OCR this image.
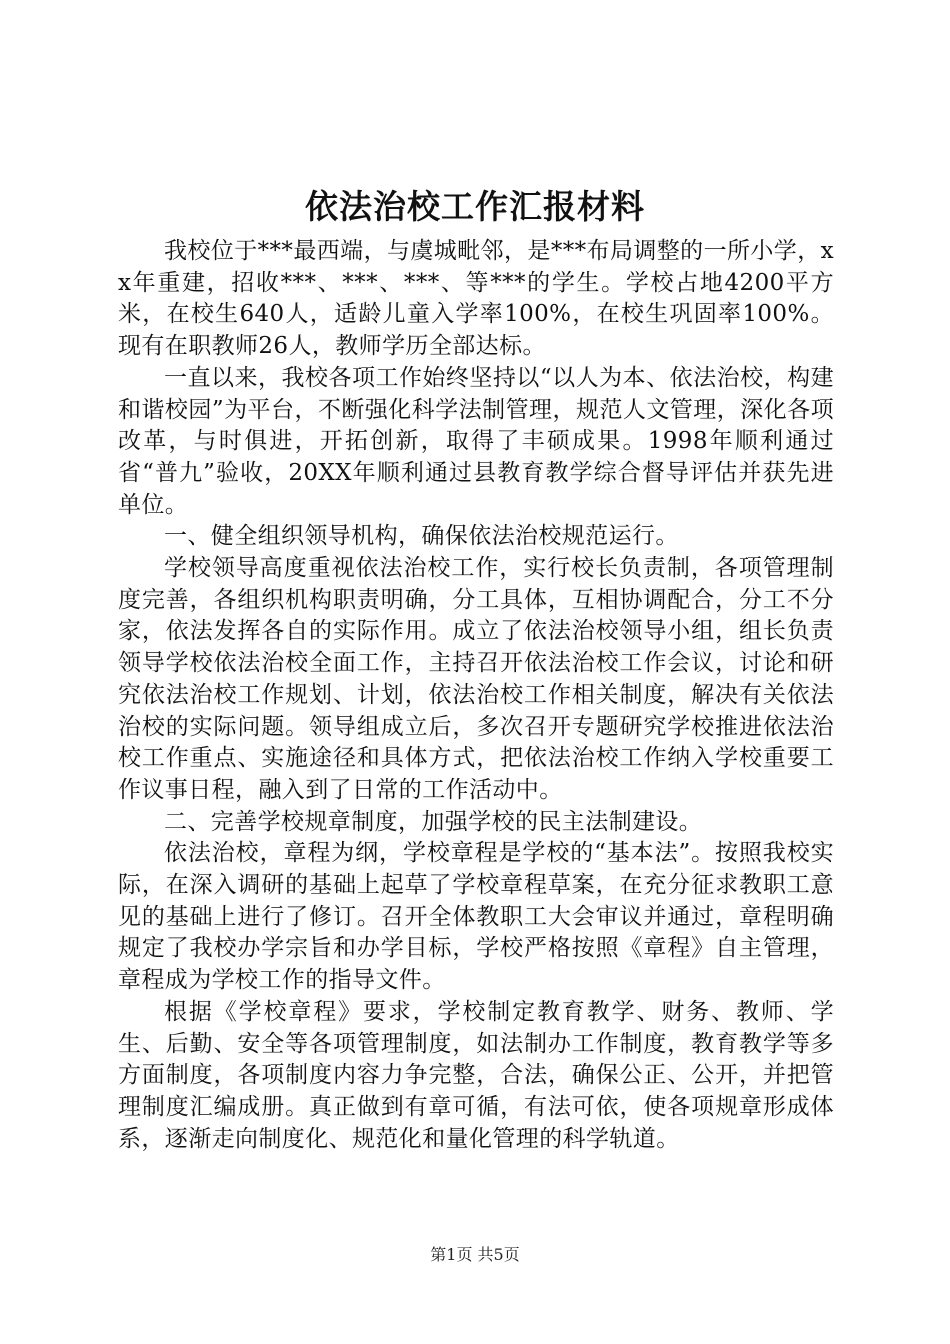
依法治校工作汇报材料

我校位于***最西端，与虞城毗邻，是***布局调整的一所小学，xx年重建，招收***、***、***、等***的学生。学校占地4200平方米，在校生640人，适龄儿童入学率100%，在校生巩固率100%。现有在职教师26人，教师学历全部达标。

一直以来，我校各项工作始终坚持以“以人为本、依法治校，构建和谐校园”为平台，不断强化科学法制管理，规范人文管理，深化各项改革，与时俱进，开拓创新，取得了丰硕成果。1998年顺利通过省“普九”验收，20XX年顺利通过县教育教学综合督导评估并获先进单位。

一、健全组织领导机构，确保依法治校规范运行。

学校领导高度重视依法治校工作，实行校长负责制，各项管理制度完善，各组织机构职责明确，分工具体，互相协调配合，分工不分家，依法发挥各自的实际作用。成立了依法治校领导小组，组长负责领导学校依法治校全面工作，主持召开依法治校工作会议，讨论和研究依法治校工作规划、计划，依法治校工作相关制度，解决有关依法治校的实际问题。领导组成立后，多次召开专题研究学校推进依法治校工作重点、实施途径和具体方式，把依法治校工作纳入学校重要工作议事日程，融入到了日常的工作活动中。

二、完善学校规章制度，加强学校的民主法制建设。

依法治校，章程为纲，学校章程是学校的“基本法”。按照我校实际，在深入调研的基础上起草了学校章程草案，在充分征求教职工意见的基础上进行了修订。召开全体教职工大会审议并通过，章程明确规定了我校办学宗旨和办学目标，学校严格按照《章程》自主管理，章程成为学校工作的指导文件。

根据《学校章程》要求，学校制定教育教学、财务、教师、学生、后勤、安全等各项管理制度，如法制办工作制度，教育教学等多方面制度，各项制度内容力争完整，合法，确保公正、公开，并把管理制度汇编成册。真正做到有章可循，有法可依，使各项规章形成体系，逐渐走向制度化、规范化和量化管理的科学轨道。

第1页 共5页
